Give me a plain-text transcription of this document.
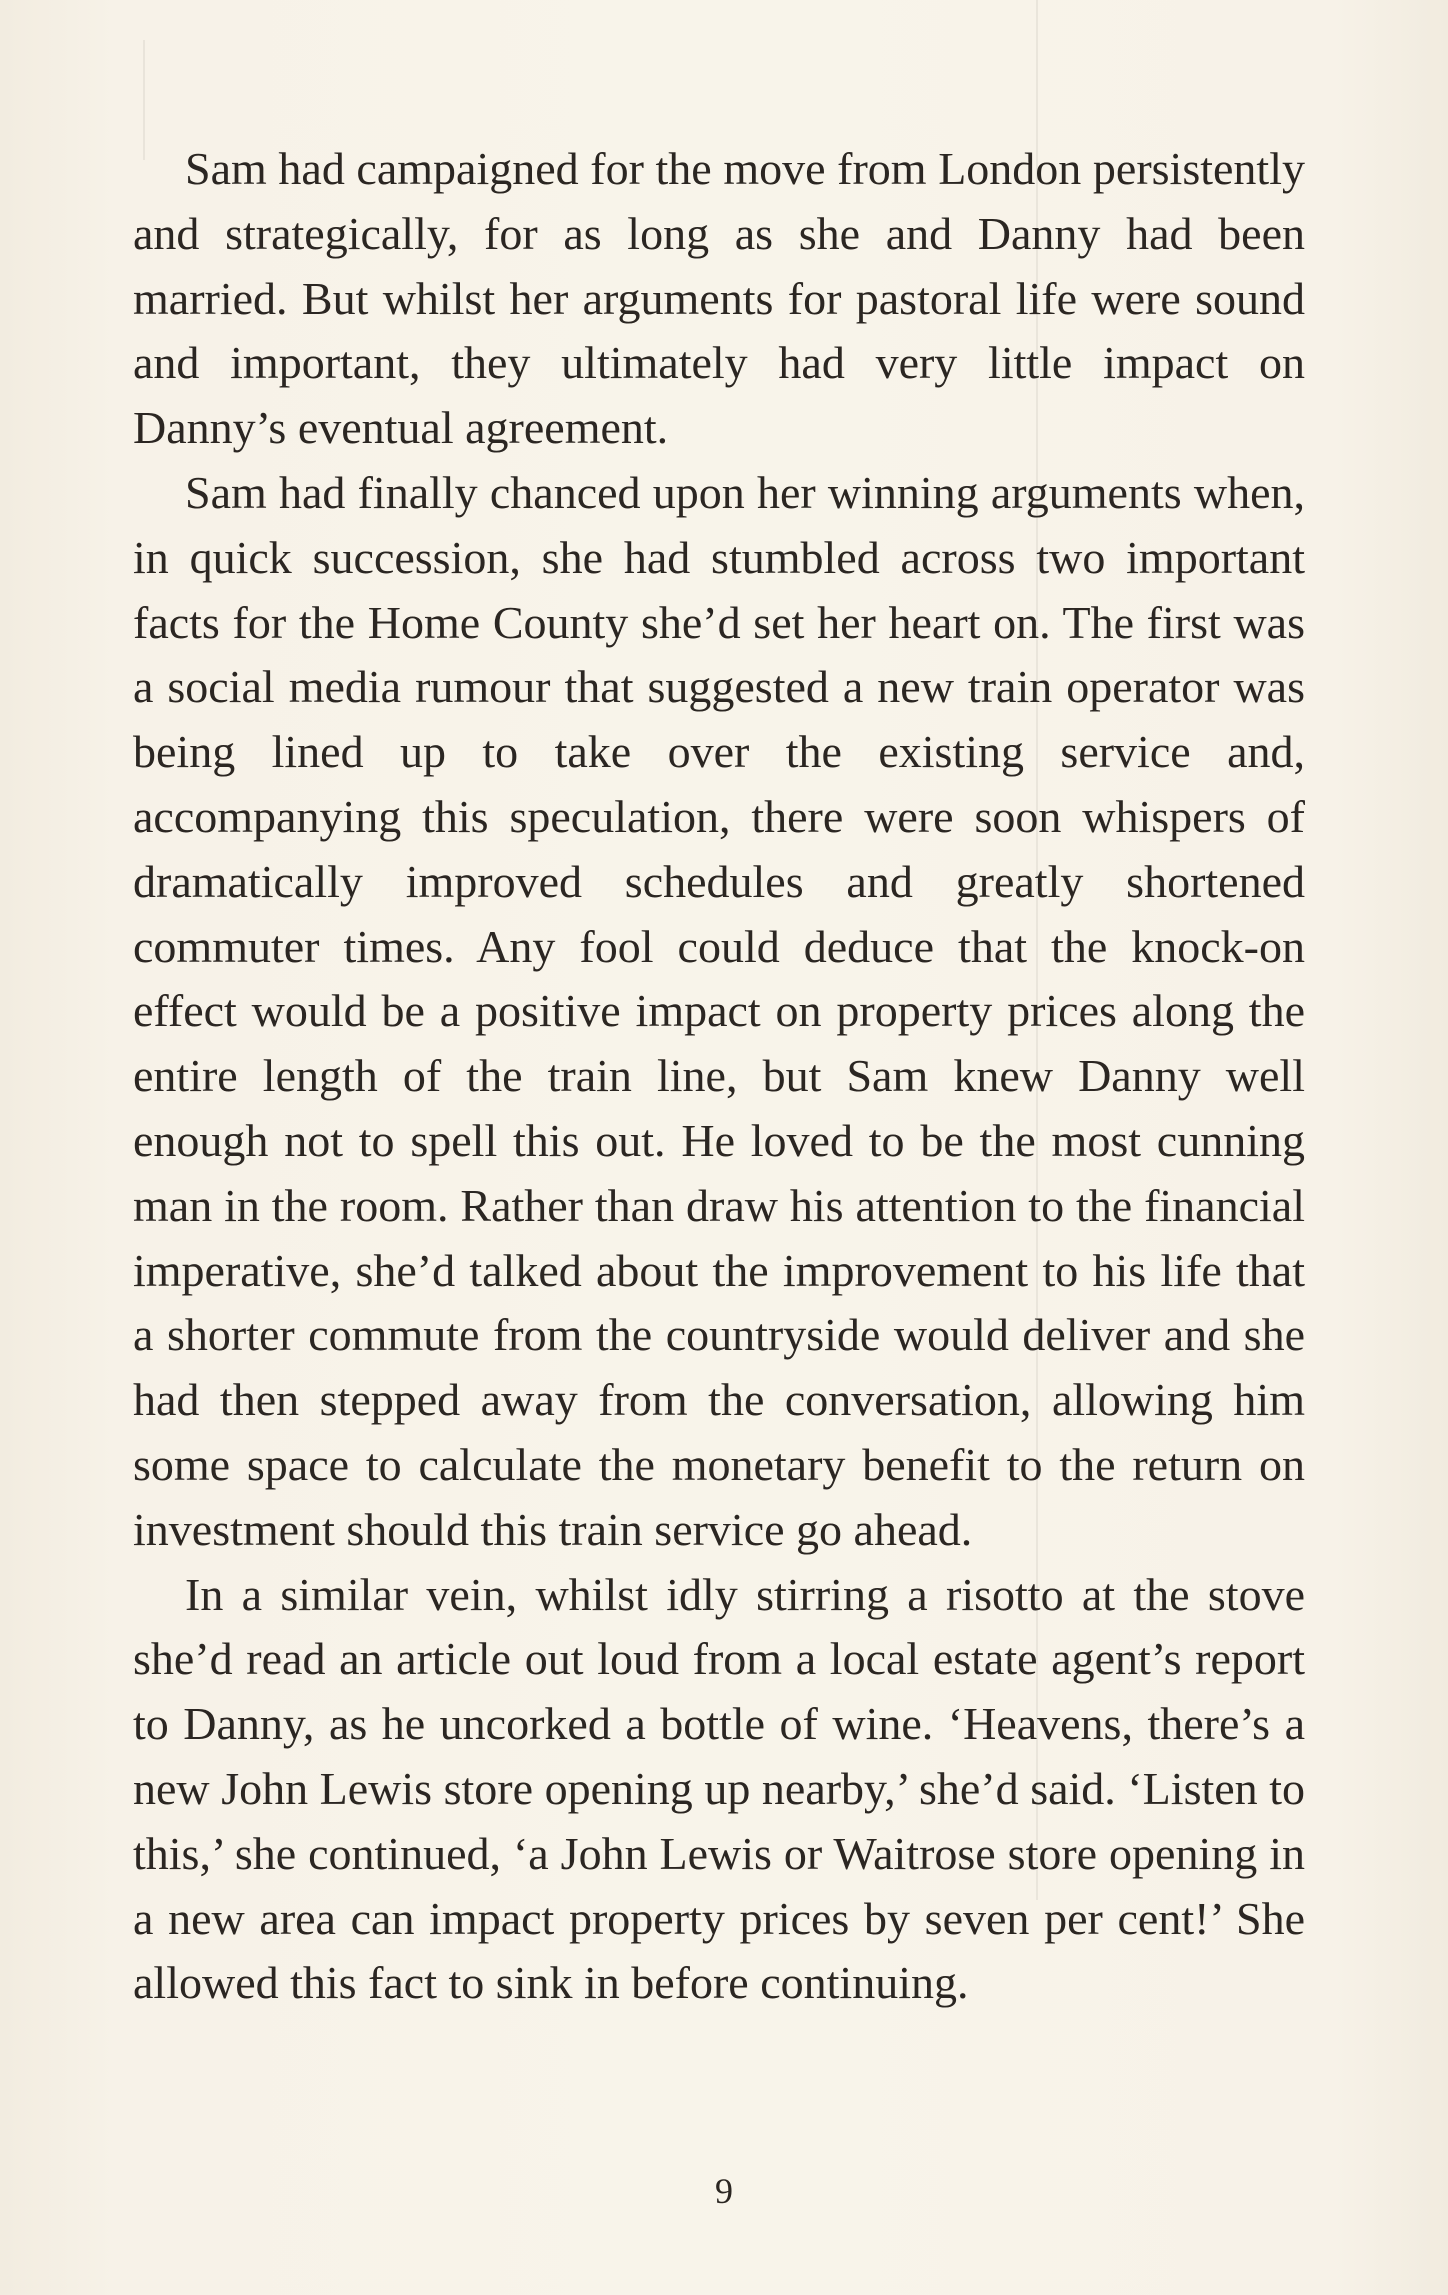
Sam had campaigned for the move from London persistently and strategically, for as long as she and Danny had been married. But whilst her arguments for pastoral life were sound and important, they ultimately had very little impact on Danny’s eventual agreement.

Sam had finally chanced upon her winning arguments when, in quick succession, she had stumbled across two important facts for the Home County she’d set her heart on. The first was a social media rumour that suggested a new train operator was being lined up to take over the existing service and, accompanying this speculation, there were soon whispers of dramatically improved schedules and greatly shortened commuter times. Any fool could deduce that the knock-on effect would be a positive impact on property prices along the entire length of the train line, but Sam knew Danny well enough not to spell this out. He loved to be the most cunning man in the room. Rather than draw his attention to the financial imperative, she’d talked about the improvement to his life that a shorter commute from the countryside would deliver and she had then stepped away from the conversation, allowing him some space to calculate the monetary benefit to the return on investment should this train service go ahead.

In a similar vein, whilst idly stirring a risotto at the stove she’d read an article out loud from a local estate agent’s report to Danny, as he uncorked a bottle of wine. ‘Heavens, there’s a new John Lewis store opening up nearby,’ she’d said. ‘Listen to this,’ she continued, ‘a John Lewis or Waitrose store opening in a new area can impact property prices by seven per cent!’ She allowed this fact to sink in before continuing.

9
